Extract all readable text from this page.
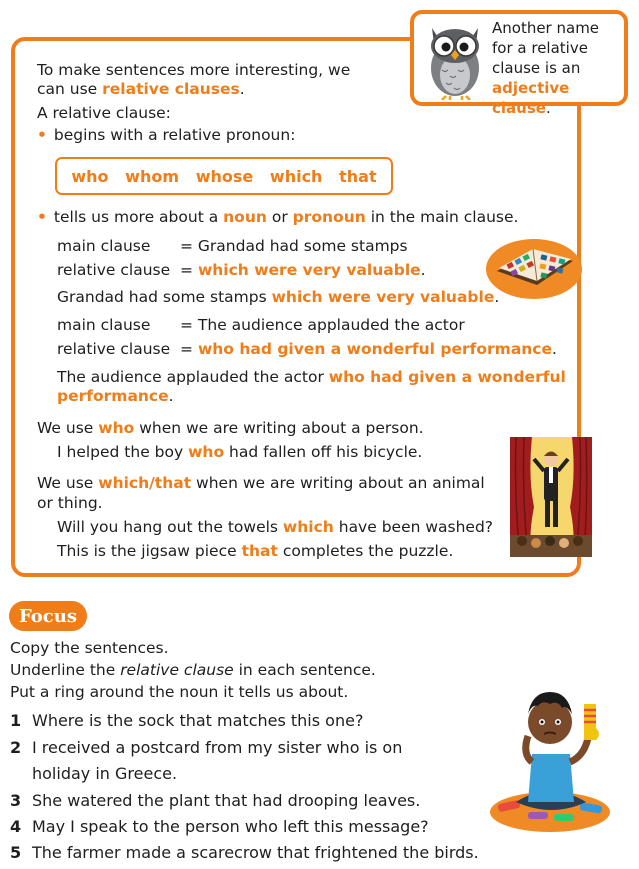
Another name
for a relative
clause is an
adjective clause.
To make sentences more interesting, we
can use relative clauses.
A relative clause:
• begins with a relative pronoun:
who whom whose which that
• tells us more about a noun or pronoun in the main clause.
main clause = Grandad had some stamps
relative clause = which were very valuable.
Grandad had some stamps which were very valuable.
main clause = The audience applauded the actor
relative clause = who had given a wonderful performance.
The audience applauded the actor who had given a wonderful
performance.
We use who when we are writing about a person.
I helped the boy who had fallen off his bicycle.
We use which/that when we are writing about an animal
or thing.
Will you hang out the towels which have been washed?
This is the jigsaw piece that completes the puzzle.
Focus
Copy the sentences.
Underline the relative clause in each sentence.
Put a ring around the noun it tells us about.
1 Where is the sock that matches this one?
2 I received a postcard from my sister who is on
holiday in Greece.
3 She watered the plant that had drooping leaves.
4 May I speak to the person who left this message?
5 The farmer made a scarecrow that frightened the birds.
